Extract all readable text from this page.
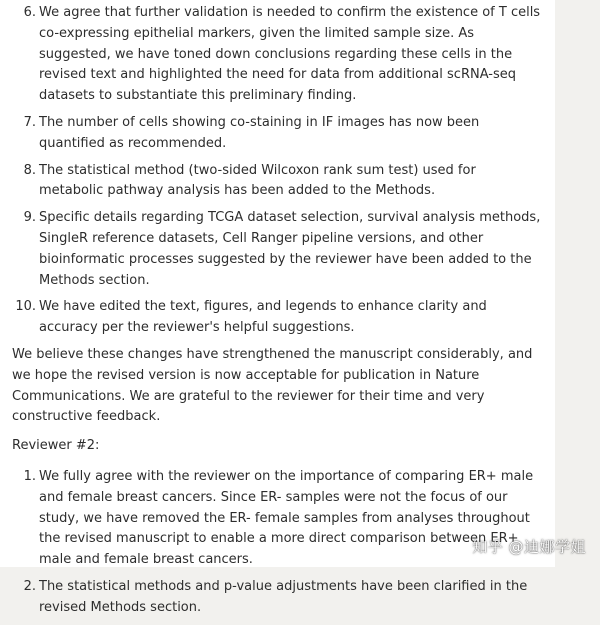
6. We agree that further validation is needed to confirm the existence of T cells co-expressing epithelial markers, given the limited sample size. As suggested, we have toned down conclusions regarding these cells in the revised text and highlighted the need for data from additional scRNA-seq datasets to substantiate this preliminary finding.
7. The number of cells showing co-staining in IF images has now been quantified as recommended.
8. The statistical method (two-sided Wilcoxon rank sum test) used for metabolic pathway analysis has been added to the Methods.
9. Specific details regarding TCGA dataset selection, survival analysis methods, SingleR reference datasets, Cell Ranger pipeline versions, and other bioinformatic processes suggested by the reviewer have been added to the Methods section.
10. We have edited the text, figures, and legends to enhance clarity and accuracy per the reviewer's helpful suggestions.

We believe these changes have strengthened the manuscript considerably, and we hope the revised version is now acceptable for publication in Nature Communications. We are grateful to the reviewer for their time and very constructive feedback.

Reviewer #2:

1. We fully agree with the reviewer on the importance of comparing ER+ male and female breast cancers. Since ER- samples were not the focus of our study, we have removed the ER- female samples from analyses throughout the revised manuscript to enable a more direct comparison between ER+ male and female breast cancers.
2. The statistical methods and p-value adjustments have been clarified in the revised Methods section.
知乎 @迪娜学姐
